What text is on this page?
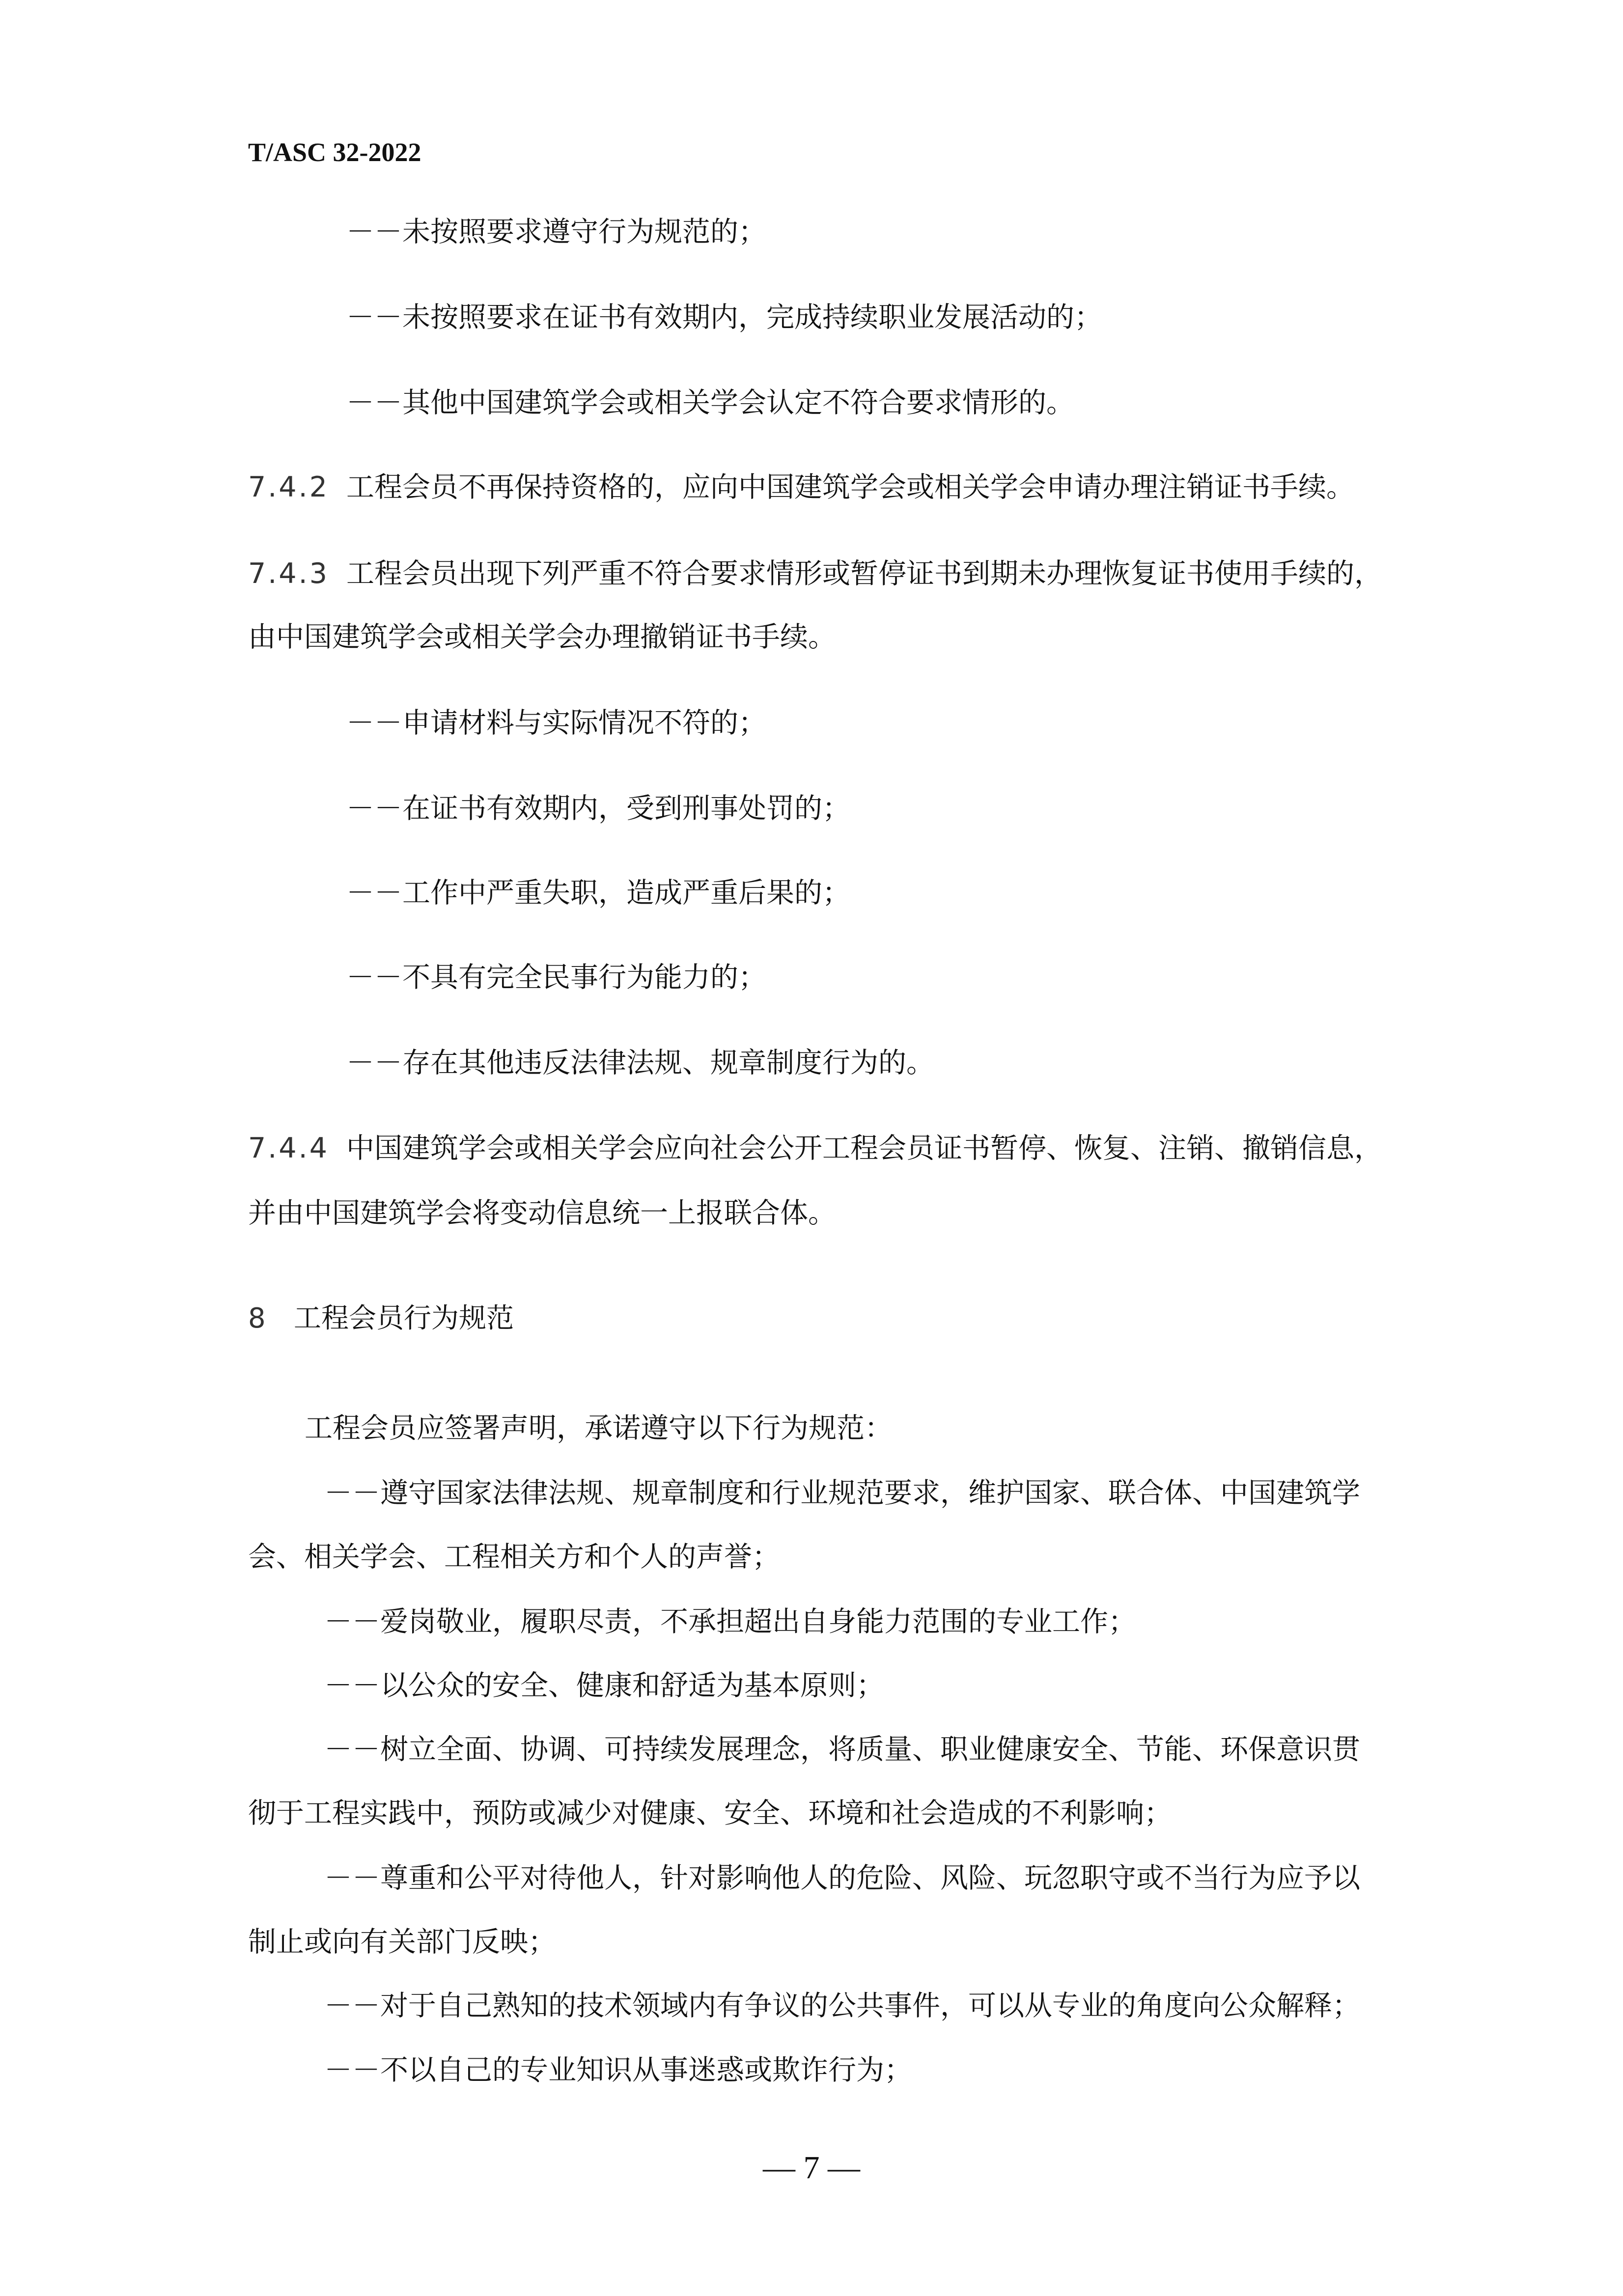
T/ASC 32-2022
－－未按照要求遵守行为规范的；
－－未按照要求在证书有效期内，完成持续职业发展活动的；
－－其他中国建筑学会或相关学会认定不符合要求情形的。
7.4.2 工程会员不再保持资格的，应向中国建筑学会或相关学会申请办理注销证书手续。
7.4.3 工程会员出现下列严重不符合要求情形或暂停证书到期未办理恢复证书使用手续的，
由中国建筑学会或相关学会办理撤销证书手续。
－－申请材料与实际情况不符的；
－－在证书有效期内，受到刑事处罚的；
－－工作中严重失职，造成严重后果的；
－－不具有完全民事行为能力的；
－－存在其他违反法律法规、规章制度行为的。
7.4.4 中国建筑学会或相关学会应向社会公开工程会员证书暂停、恢复、注销、撤销信息，
并由中国建筑学会将变动信息统一上报联合体。
8 工程会员行为规范
工程会员应签署声明，承诺遵守以下行为规范：
－－遵守国家法律法规、规章制度和行业规范要求，维护国家、联合体、中国建筑学
会、相关学会、工程相关方和个人的声誉；
－－爱岗敬业，履职尽责，不承担超出自身能力范围的专业工作；
－－以公众的安全、健康和舒适为基本原则；
－－树立全面、协调、可持续发展理念，将质量、职业健康安全、节能、环保意识贯
彻于工程实践中，预防或减少对健康、安全、环境和社会造成的不利影响；
－－尊重和公平对待他人，针对影响他人的危险、风险、玩忽职守或不当行为应予以
制止或向有关部门反映；
－－对于自己熟知的技术领域内有争议的公共事件，可以从专业的角度向公众解释；
－－不以自己的专业知识从事迷惑或欺诈行为；
— 7 —
